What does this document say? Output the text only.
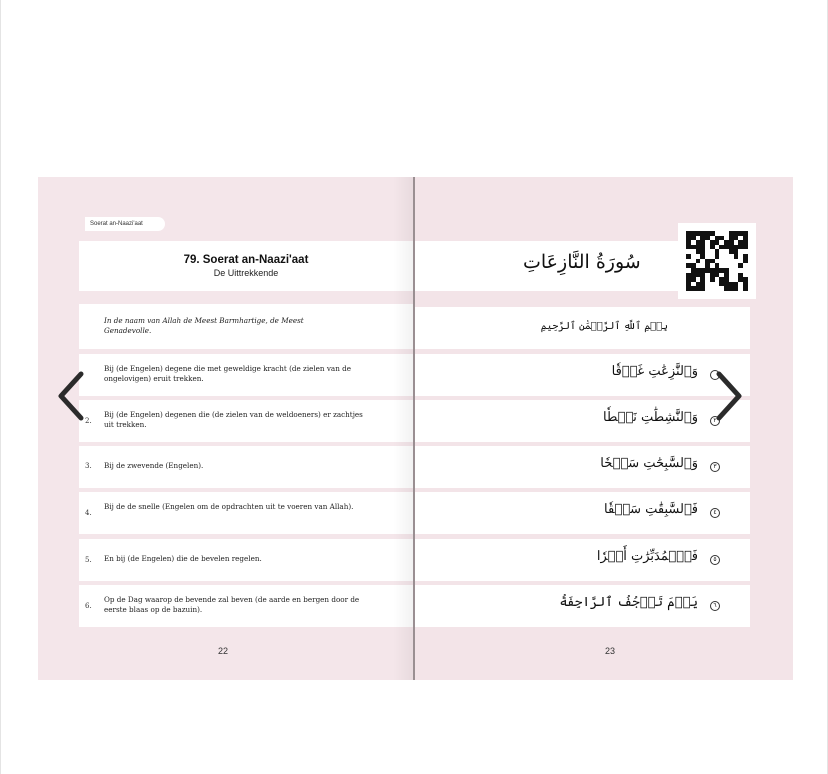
Soerat an-Naazi'aat
79. Soerat an-Naazi'aat
De Uittrekkende
In de naam van Allah de Meest Barmhartige, de Meest Genadevolle.
Bij (de Engelen) degene die met geweldige kracht (de zielen van de ongelovigen) eruit trekken.
2.
Bij (de Engelen) degenen die (de zielen van de weldoeners) er zachtjes uit trekken.
3. Bij de zwevende (Engelen).
4.
Bij de de snelle (Engelen om de opdrachten uit te voeren van Allah).
5. En bij (de Engelen) die de bevelen regelen.
6.
Op de Dag waarop de bevende zal beven (de aarde en bergen door de eerste blaas op de bazuin).
22
سُورَةُ النَّازِعَاتِ
بِسۡمِ ٱللَّهِ ٱلرَّحۡمَٰنِ ٱلرَّحِيمِ
وَٱلنَّٰزِعَٰتِ غَرۡقٗا
وَٱلنَّٰشِطَٰتِ نَشۡطٗا	٢
وَٱلسَّٰبِحَٰتِ سَبۡحٗا	٣
فَٱلسَّٰبِقَٰتِ سَبۡقٗا	٤
فَٱلۡمُدَبِّرَٰتِ أَمۡرٗا	٥
يَوۡمَ تَرۡجُفُ ٱلرَّاجِفَةُ	٦
23
